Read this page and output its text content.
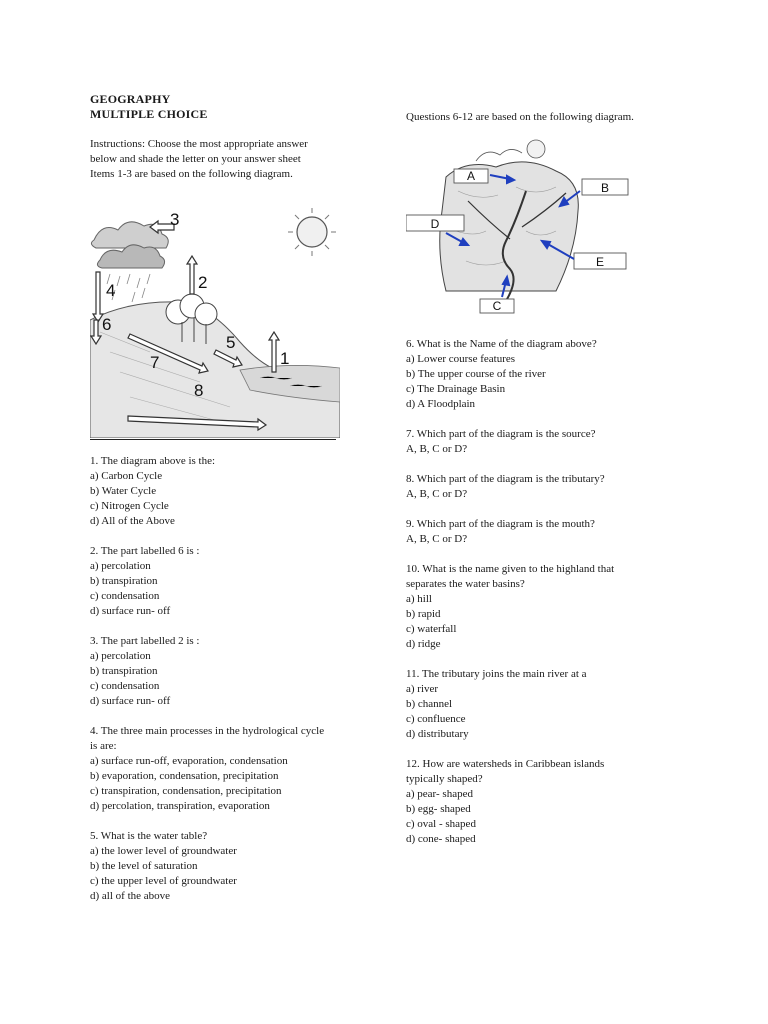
GEOGRAPHY
MULTIPLE CHOICE

Instructions: Choose the most appropriate answer

below and shade the letter on your answer sheet

Items 1-3 are based on the following diagram.

3
2
4
6
5
7	1
8

1. The diagram above is the:

a) Carbon Cycle

b) Water Cycle

c) Nitrogen Cycle

d) All of the Above

2. The part labelled 6 is :

a) percolation

b) transpiration

c) condensation

d) surface run- off

3. The part labelled 2 is :

a) percolation

b) transpiration

c) condensation

d) surface run- off

4. The three main processes in the hydrological cycle

is are:

a) surface run-off, evaporation, condensation

b) evaporation, condensation, precipitation

c) transpiration, condensation, precipitation

d) percolation, transpiration, evaporation

5. What is the water table?

a) the lower level of groundwater

b) the level of saturation

c) the upper level of groundwater

d) all of the above

Questions 6-12 are based on the following diagram.

A
B
D
E
C

6. What is the Name of the diagram above?

a) Lower course features

b) The upper course of the river

c) The Drainage Basin

d) A Floodplain

7. Which part of the diagram is the source?

A, B, C or D?

8. Which part of the diagram is the tributary?

A, B, C or D?

9. Which part of the diagram is the mouth?

A, B, C or D?

10. What is the name given to the highland that

separates the water basins?

a) hill

b) rapid

c) waterfall

d) ridge

11. The tributary joins the main river at a

a) river

b) channel

c) confluence

d) distributary

12. How are watersheds in Caribbean islands

typically shaped?

a) pear- shaped

b) egg- shaped

c) oval - shaped

d) cone- shaped
